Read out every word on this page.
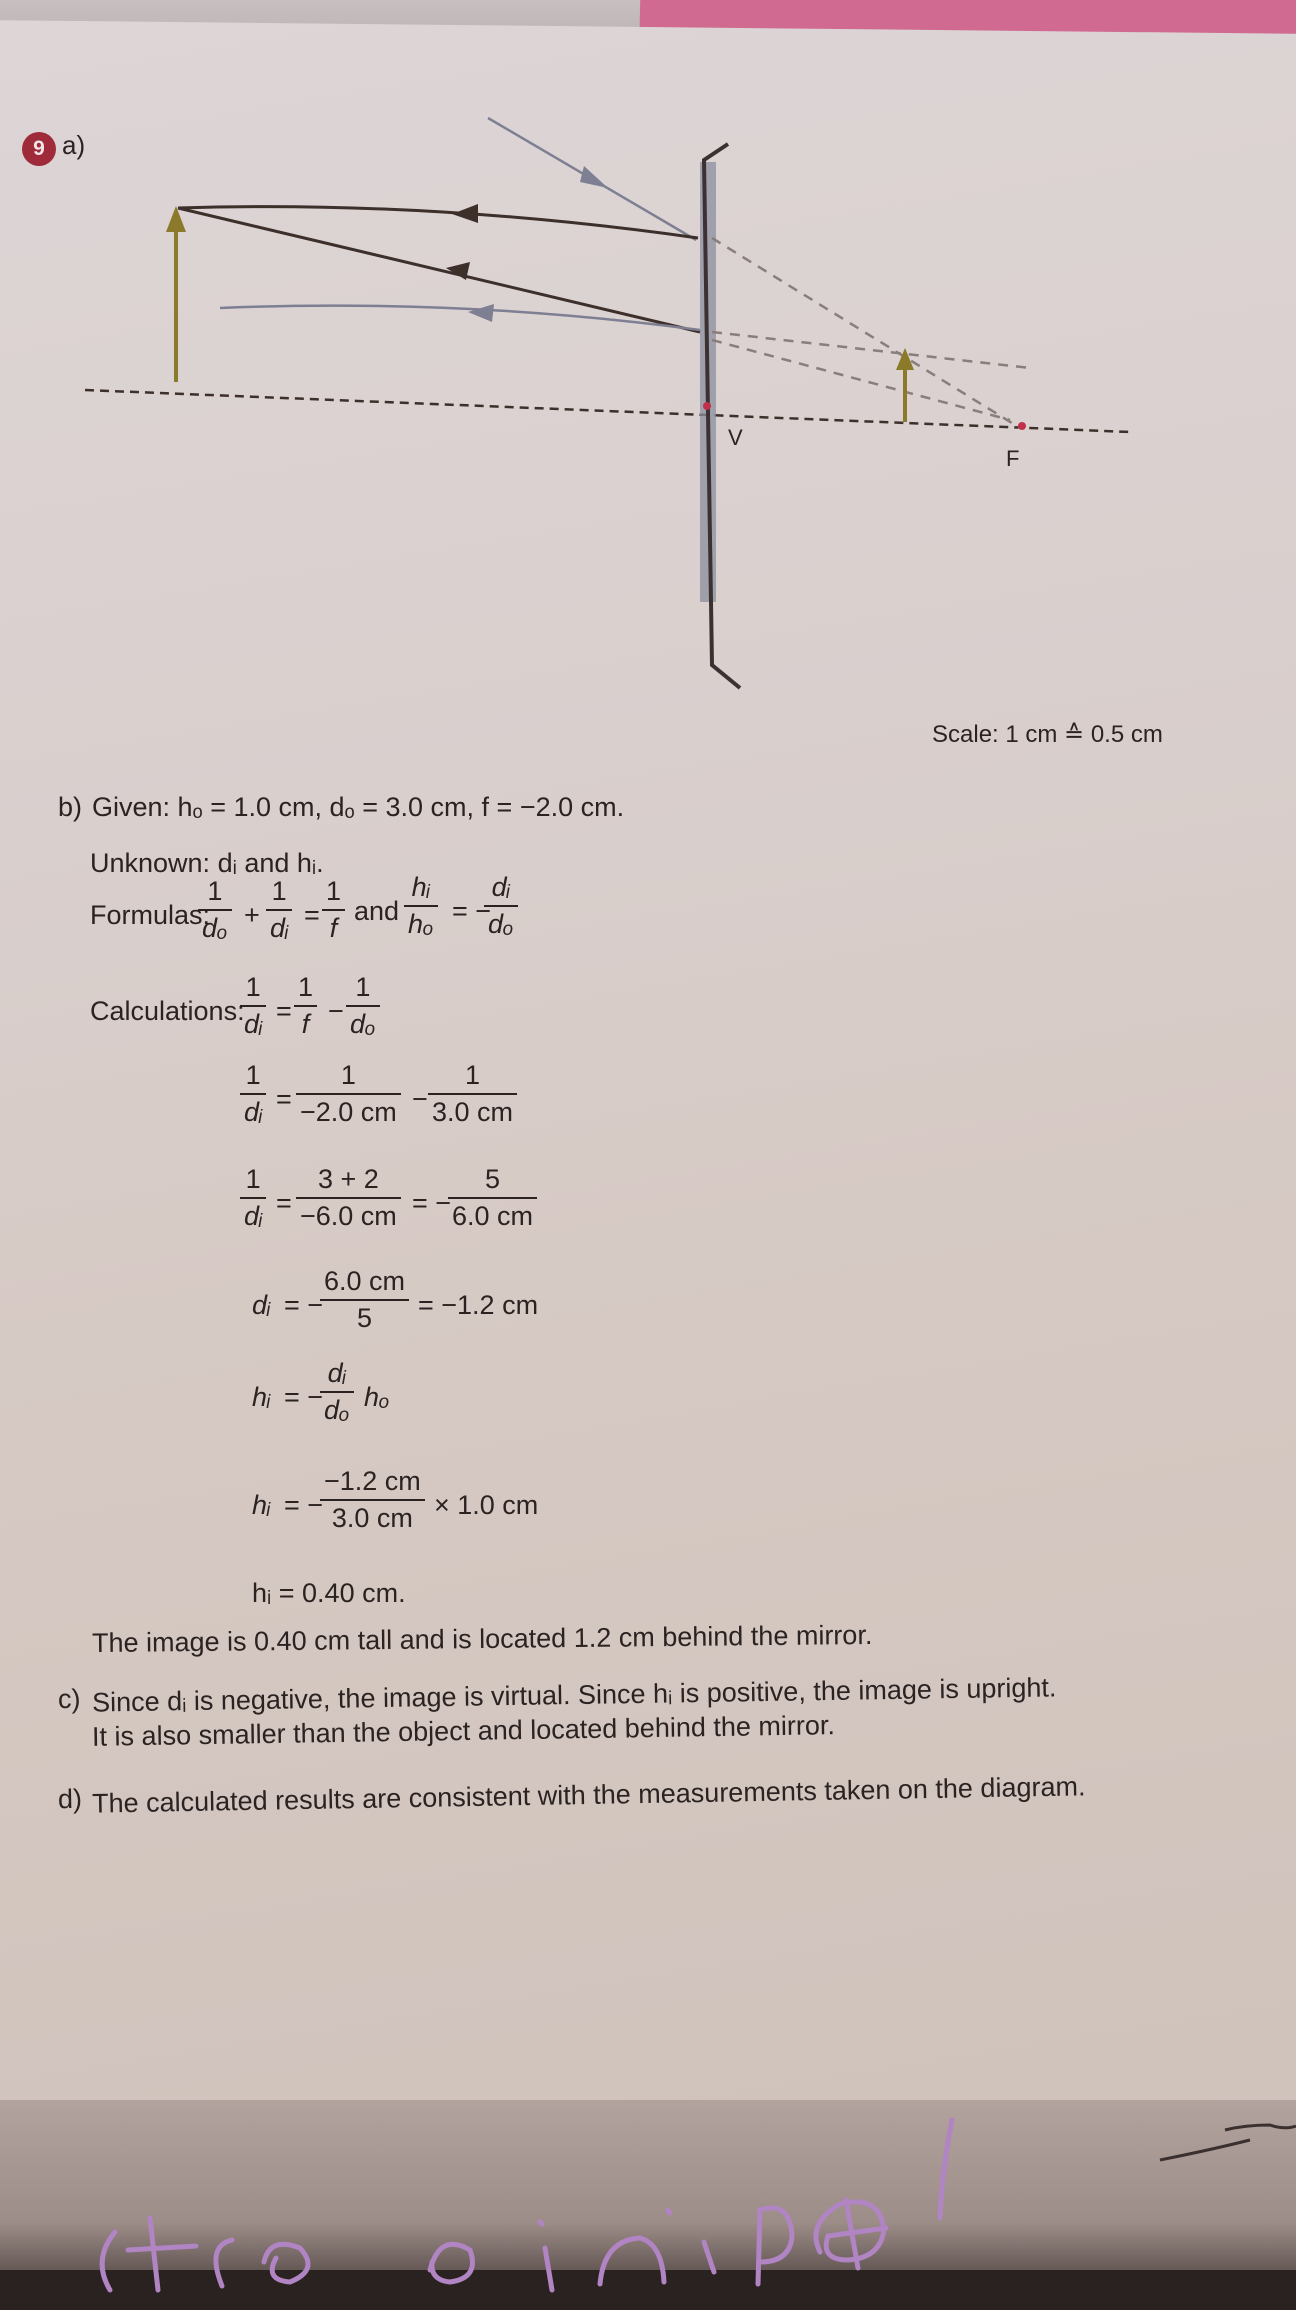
9 a)
V
F
Scale: 1 cm ≙ 0.5 cm
b) Given: hₒ = 1.0 cm, dₒ = 3.0 cm, f = −2.0 cm.
Unknown: dᵢ and hᵢ.
Formulas:
$\frac{1}{\text{dₒ}} + \frac{1}{\text{dᵢ}} = \frac{1}{f}$ and $\frac{\text{hᵢ}}{\text{hₒ}}$ = −
$\frac{\text{dᵢ}}{\text{dₒ}}$
Calculations:
$\frac{1}{\text{dᵢ}} = \frac{1}{f} - \frac{1}{\text{dₒ}}$
$\frac{1}{\text{dᵢ}} = \frac{1}{-2.0 cm} - \frac{1}{3.0 cm}$
$\frac{1}{\text{dᵢ}} = \frac{3 + 2}{-6.0 cm}$ = −
$\frac{5}{6.0 cm}$
dᵢ = −
$\frac{6.0 cm}{5} = -1.2$ cm
hᵢ = −
$\frac{\text{dᵢ}}{\text{dₒ}}$ hₒ
hᵢ = −
$\frac{-1.2 cm}{3.0 cm} \times 1.0$ cm
hᵢ = 0.40 cm.
The image is 0.40 cm tall and is located 1.2 cm behind the mirror.
c) Since dᵢ is negative, the image is virtual. Since hᵢ is positive, the image is upright.
It is also smaller than the object and located behind the mirror.
d) The calculated results are consistent with the measurements taken on the diagram.
